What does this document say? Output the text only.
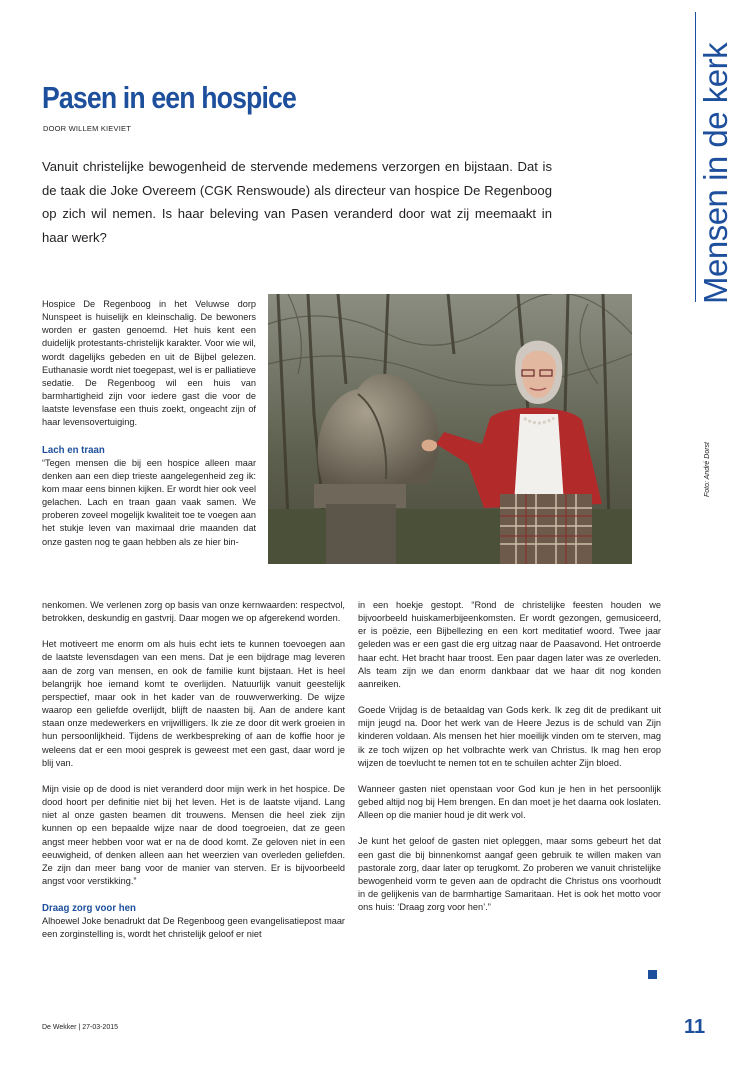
Pasen in een hospice
DOOR WILLEM KIEVIET

Vanuit christelijke bewogenheid de stervende medemens verzorgen en bijstaan. Dat is de taak die Joke Overeem (CGK Renswoude) als directeur van hospice De Regenboog op zich wil nemen. Is haar beleving van Pasen veranderd door wat zij meemaakt in haar werk?

Hospice De Regenboog in het Veluwse dorp Nunspeet is huiselijk en kleinschalig. De bewoners worden er gasten genoemd. Het huis kent een duidelijk protestants-christelijk karakter. Voor wie wil, wordt dagelijks gebeden en uit de Bijbel gelezen. Euthanasie wordt niet toegepast, wel is er palliatieve sedatie. De Regenboog wil een huis van barmhartigheid zijn voor iedere gast die voor de laatste levensfase een thuis zoekt, ongeacht zijn of haar levensovertuiging.

Lach en traan

“Tegen mensen die bij een hospice alleen maar denken aan een diep trieste aangelegenheid zeg ik: kom maar eens binnen kijken. Er wordt hier ook veel gelachen. Lach en traan gaan vaak samen. We proberen zoveel mogelijk kwaliteit toe te voegen aan het stukje leven van maximaal drie maanden dat onze gasten nog te gaan hebben als ze hier bin-

nenkomen. We verlenen zorg op basis van onze kernwaarden: respectvol, betrokken, deskundig en gastvrij. Daar mogen we op afgerekend worden.

Het motiveert me enorm om als huis echt iets te kunnen toevoegen aan de laatste levensdagen van een mens. Dat je een bijdrage mag leveren aan de zorg van mensen, en ook de familie kunt bijstaan. Het is heel belangrijk hoe iemand komt te overlijden. Natuurlijk vanuit geestelijk perspectief, maar ook in het kader van de rouwverwerking. De wijze waarop een geliefde overlijdt, blijft de naasten bij. Aan de andere kant staan onze medewerkers en vrijwilligers. Ik zie ze door dit werk groeien in hun persoonlijkheid. Tijdens de werkbespreking of aan de koffie hoor je weleens dat er een mooi gesprek is geweest met een gast, daar word je blij van.

Mijn visie op de dood is niet veranderd door mijn werk in het hospice. De dood hoort per definitie niet bij het leven. Het is de laatste vijand. Lang niet al onze gasten beamen dit trouwens. Mensen die heel ziek zijn kunnen op een bepaalde wijze naar de dood toegroeien, dat ze geen angst meer hebben voor wat er na de dood komt. Ze geloven niet in een eeuwigheid, of denken alleen aan het weerzien van overleden geliefden. Ze zijn dan meer bang voor de manier van sterven. Er is bijvoorbeeld angst voor verstikking.”

Draag zorg voor hen

Alhoewel Joke benadrukt dat De Regenboog geen evangelisatiepost maar een zorginstelling is, wordt het christelijk geloof er niet

in een hoekje gestopt. “Rond de christelijke feesten houden we bijvoorbeeld huiskamerbijeenkomsten. Er wordt gezongen, gemusiceerd, er is poëzie, een Bijbellezing en een kort meditatief woord. Twee jaar geleden was er een gast die erg uitzag naar de Paasavond. Het ontroerde haar echt. Het bracht haar troost. Een paar dagen later was ze overleden. Als team zijn we dan enorm dankbaar dat we haar dit nog konden aanreiken.

Goede Vrijdag is de betaaldag van Gods kerk. Ik zeg dit de predikant uit mijn jeugd na. Door het werk van de Heere Jezus is de schuld van Zijn kinderen voldaan. Als mensen het hier moeilijk vinden om te sterven, mag ik ze toch wijzen op het volbrachte werk van Christus. Ik mag hen erop wijzen de toevlucht te nemen tot en te schuilen achter Zijn bloed.

Wanneer gasten niet openstaan voor God kun je hen in het persoonlijk gebed altijd nog bij Hem brengen. En dan moet je het daarna ook loslaten. Alleen op die manier houd je dit werk vol.

Je kunt het geloof de gasten niet opleggen, maar soms gebeurt het dat een gast die bij binnenkomst aangaf geen gebruik te willen maken van pastorale zorg, daar later op terugkomt. Zo proberen we vanuit christelijke bewogenheid vorm te geven aan de opdracht die Christus ons voorhoudt in de gelijkenis van de barmhartige Samaritaan. Het is ook het motto voor ons huis: ‘Draag zorg voor hen’.”

Foto: André Dorst
Mensen in de kerk
De Wekker | 27-03-2015	11
